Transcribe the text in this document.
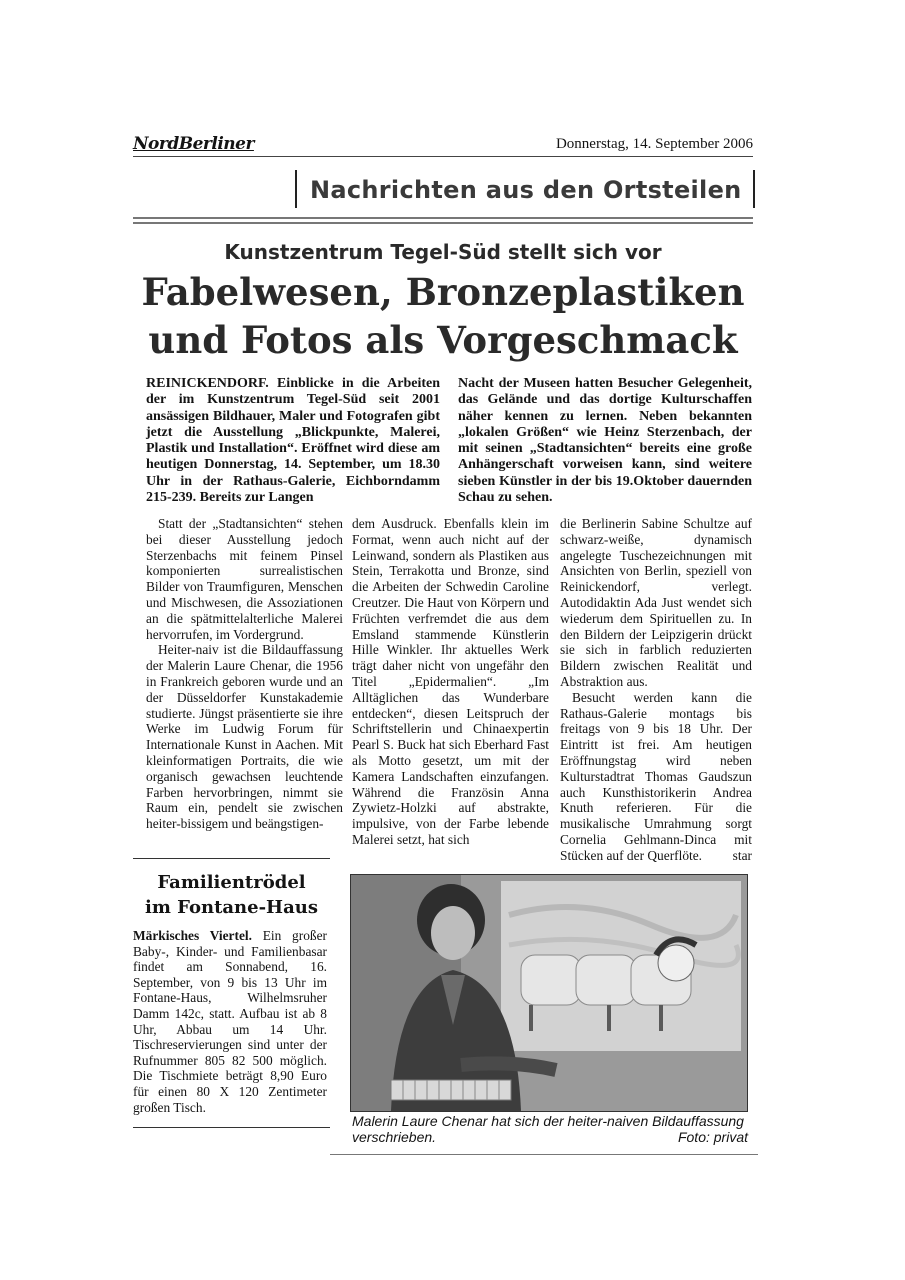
NordBerliner	Donnerstag, 14. September 2006
Nachrichten aus den Ortsteilen
Kunstzentrum Tegel-Süd stellt sich vor
Fabelwesen, Bronzeplastiken
und Fotos als Vorgeschmack

REINICKENDORF. Einblicke in die Arbeiten der im Kunstzentrum Tegel-Süd seit 2001 ansässigen Bildhauer, Maler und Fotografen gibt jetzt die Ausstellung „Blickpunkte, Malerei, Plastik und Installation“. Eröffnet wird diese am heutigen Donnerstag, 14. September, um 18.30 Uhr in der Rathaus-Galerie, Eichborndamm 215-239. Bereits zur Langen

Nacht der Museen hatten Besucher Gelegenheit, das Gelände und das dortige Kulturschaffen näher kennen zu lernen. Neben bekannten „lokalen Größen“ wie Heinz Sterzenbach, der mit seinen „Stadtansichten“ bereits eine große Anhängerschaft vorweisen kann, sind weitere sieben Künstler in der bis 19.Oktober dauernden Schau zu sehen.

Statt der „Stadtansichten“ stehen bei dieser Ausstellung jedoch Sterzenbachs mit feinem Pinsel komponierten surrealistischen Bilder von Traumfiguren, Menschen und Mischwesen, die Assoziationen an die spätmittelalterliche Malerei hervorrufen, im Vordergrund.

Heiter-naiv ist die Bildauffassung der Malerin Laure Chenar, die 1956 in Frankreich geboren wurde und an der Düsseldorfer Kunstakademie studierte. Jüngst präsentierte sie ihre Werke im Ludwig Forum für Internationale Kunst in Aachen. Mit kleinformatigen Portraits, die wie organisch gewachsen leuchtende Farben hervorbringen, nimmt sie Raum ein, pendelt sie zwischen heiter-bissigem und beängstigen-

dem Ausdruck. Ebenfalls klein im Format, wenn auch nicht auf der Leinwand, sondern als Plastiken aus Stein, Terrakotta und Bronze, sind die Arbeiten der Schwedin Caroline Creutzer. Die Haut von Körpern und Früchten verfremdet die aus dem Emsland stammende Künstlerin Hille Winkler. Ihr aktuelles Werk trägt daher nicht von ungefähr den Titel „Epidermalien“. „Im Alltäglichen das Wunderbare entdecken“, diesen Leitspruch der Schriftstellerin und Chinaexpertin Pearl S. Buck hat sich Eberhard Fast als Motto gesetzt, um mit der Kamera Landschaften einzufangen. Während die Französin Anna Zywietz-Holzki auf abstrakte, impulsive, von der Farbe lebende Malerei setzt, hat sich

die Berlinerin Sabine Schultze auf schwarz-weiße, dynamisch angelegte Tuschezeichnungen mit Ansichten von Berlin, speziell von Reinickendorf, verlegt. Autodidaktin Ada Just wendet sich wiederum dem Spirituellen zu. In den Bildern der Leipzigerin drückt sie sich in farblich reduzierten Bildern zwischen Realität und Abstraktion aus.

Besucht werden kann die Rathaus-Galerie montags bis freitags von 9 bis 18 Uhr. Der Eintritt ist frei. Am heutigen Eröffnungstag wird neben Kulturstadtrat Thomas Gaudszun auch Kunsthistorikerin Andrea Knuth referieren. Für die musikalische Umrahmung sorgt Cornelia Gehlmann-Dinca mit Stücken auf der Querflöte.	star

Familientrödel
im Fontane-Haus
Märkisches Viertel. Ein großer Baby-, Kinder- und Familienbasar findet am Sonnabend, 16. September, von 9 bis 13 Uhr im Fontane-Haus, Wilhelmsruher Damm 142c, statt. Aufbau ist ab 8 Uhr, Abbau um 14 Uhr. Tischreservierungen sind unter der Rufnummer 805 82 500 möglich. Die Tischmiete beträgt 8,90 Euro für einen 80 X 120 Zentimeter großen Tisch.
Malerin Laure Chenar hat sich der heiter-naiven Bildauffassung verschrieben.	Foto: privat
